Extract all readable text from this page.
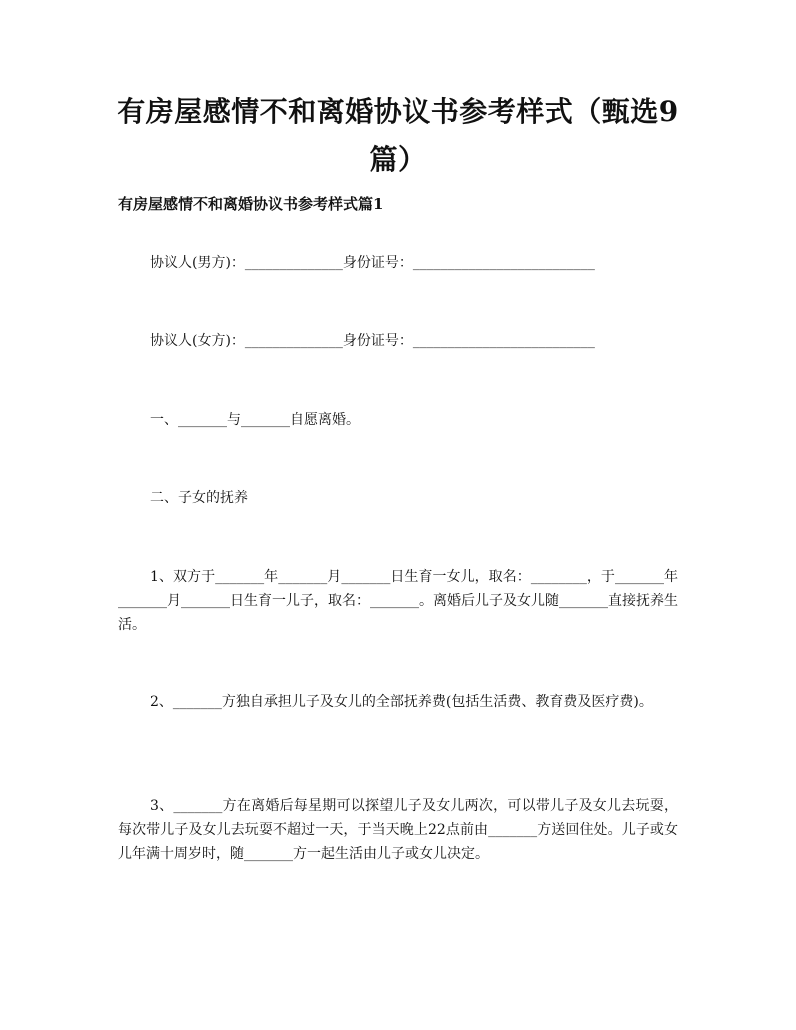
有房屋感情不和离婚协议书参考样式（甄选9篇）
有房屋感情不和离婚协议书参考样式篇1
协议人(男方)：______________身份证号：__________________________
协议人(女方)：______________身份证号：__________________________
一、_______与_______自愿离婚。
二、子女的抚养
1、双方于_______年_______月_______日生育一女儿，取名：________，于_______年_______月_______日生育一儿子，取名：_______。离婚后儿子及女儿随_______直接抚养生活。
2、_______方独自承担儿子及女儿的全部抚养费(包括生活费、教育费及医疗费)。
3、_______方在离婚后每星期可以探望儿子及女儿两次，可以带儿子及女儿去玩耍，每次带儿子及女儿去玩耍不超过一天，于当天晚上22点前由_______方送回住处。儿子或女儿年满十周岁时，随_______方一起生活由儿子或女儿决定。
